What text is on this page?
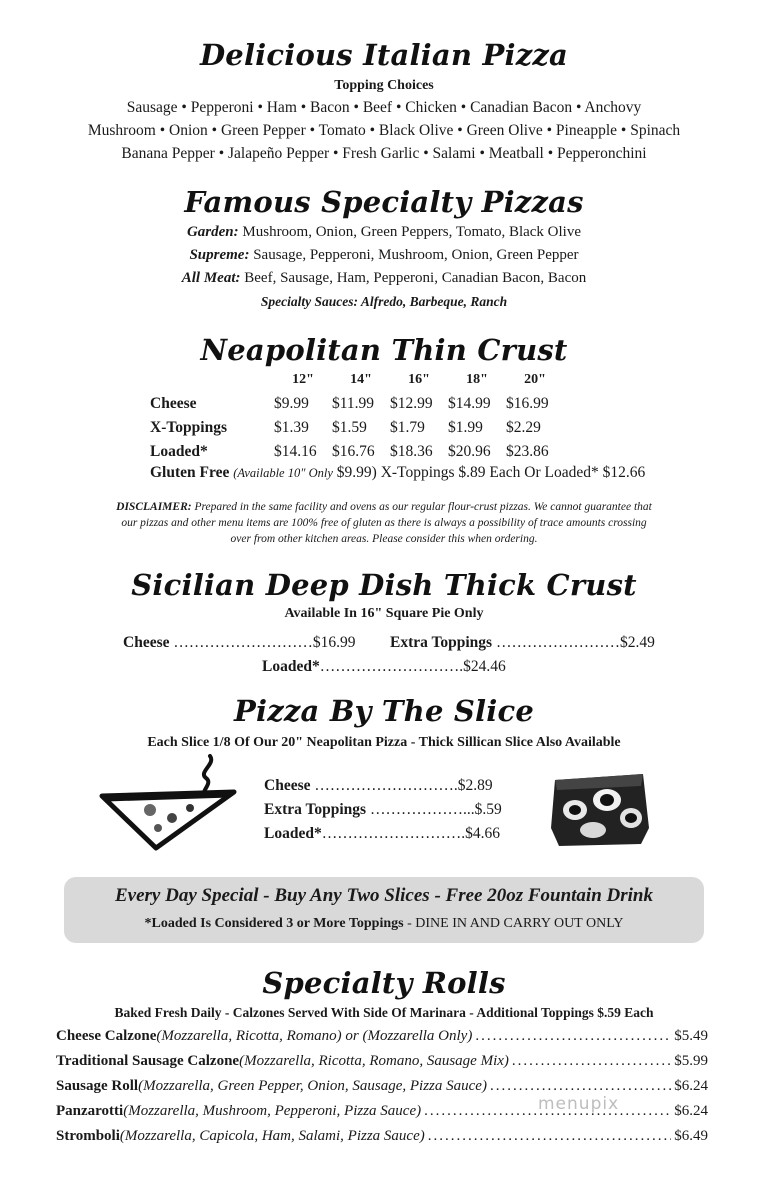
Delicious Italian Pizza
Topping Choices
Sausage • Pepperoni • Ham • Bacon • Beef • Chicken • Canadian Bacon • Anchovy
Mushroom • Onion • Green Pepper • Tomato • Black Olive • Green Olive • Pineapple • Spinach
Banana Pepper • Jalapeño Pepper • Fresh Garlic • Salami • Meatball • Pepperonchini
Famous Specialty Pizzas
Garden: Mushroom, Onion, Green Peppers, Tomato, Black Olive
Supreme: Sausage, Pepperoni, Mushroom, Onion, Green Pepper
All Meat: Beef, Sausage, Ham, Pepperoni, Canadian Bacon, Bacon
Specialty Sauces: Alfredo, Barbeque, Ranch
Neapolitan Thin Crust
	12"	14"	16"	18"	20"
Cheese	$9.99	$11.99	$12.99	$14.99	$16.99
X-Toppings	$1.39	$1.59	$1.79	$1.99	$2.29
Loaded*	$14.16	$16.76	$18.36	$20.96	$23.86
Gluten Free (Available 10" Only $9.99) X-Toppings $.89 Each Or Loaded* $12.66
DISCLAIMER: Prepared in the same facility and ovens as our regular flour-crust pizzas. We cannot guarantee that our pizzas and other menu items are 100% free of gluten as there is always a possibility of trace amounts crossing over from other kitchen areas. Please consider this when ordering.
Sicilian Deep Dish Thick Crust
Available In 16" Square Pie Only
Cheese ………………………$16.99 Extra Toppings ……………………$2.49
Loaded*……………………….$24.46
Pizza By The Slice
Each Slice 1/8 Of Our 20" Neapolitan Pizza - Thick Sillican Slice Also Available
Cheese ……………………….$2.89
Extra Toppings ………………...$.59
Loaded*……………………….$4.66
Every Day Special - Buy Any Two Slices - Free 20oz Fountain Drink
*Loaded Is Considered 3 or More Toppings - DINE IN AND CARRY OUT ONLY
Specialty Rolls
Baked Fresh Daily - Calzones Served With Side Of Marinara - Additional Toppings $.59 Each
Cheese Calzone (Mozzarella, Ricotta, Romano) or (Mozzarella Only) .....	$5.49
Traditional Sausage Calzone (Mozzarella, Ricotta, Romano, Sausage Mix) .....	$5.99
Sausage Roll (Mozzarella, Green Pepper, Onion, Sausage, Pizza Sauce) .....	$6.24
Panzarotti (Mozzarella, Mushroom, Pepperoni, Pizza Sauce) .....	$6.24
Stromboli (Mozzarella, Capicola, Ham, Salami, Pizza Sauce) .....	$6.49
menupix
